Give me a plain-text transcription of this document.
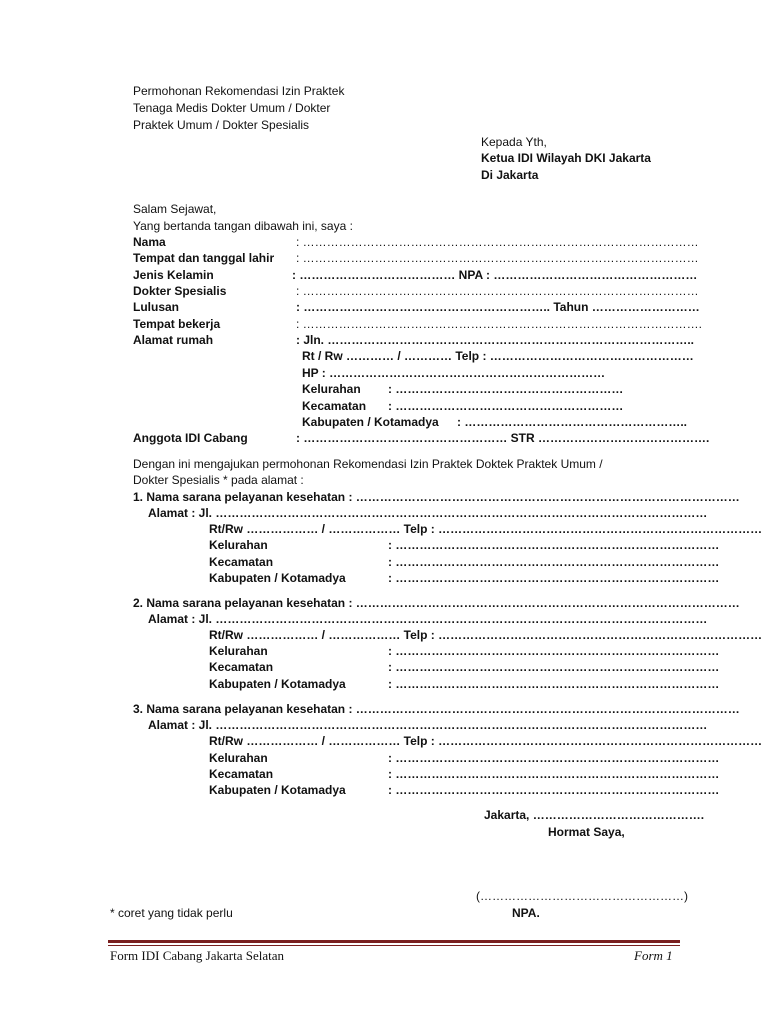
Permohonan Rekomendasi Izin Praktek
Tenaga Medis Dokter Umum / Dokter
Praktek Umum / Dokter Spesialis
Kepada Yth,
Ketua IDI Wilayah DKI Jakarta
Di Jakarta
Salam Sejawat,
Yang bertanda tangan dibawah ini, saya :
Nama	: ………………………………………………………………………………………
Tempat dan tanggal lahir : ………………………………………………………………………………………
Jenis Kelamin	: ………………………………… NPA : ……………………………………………
Dokter Spesialis	: ………………………………………………………………………………………
Lulusan	: …………………………………………………….. Tahun ………………………
Tempat bekerja	: ……………………………………………………………………………………….
Alamat rumah	: Jln. ………………………………………………………………………………..
Rt / Rw ………… / ………… Telp : ……………………………………………
HP : ……………………………………………………………
Kelurahan : …………………………………………………
Kecamatan : …………………………………………………
Kabupaten / Kotamadya : ………………………………………………..
Anggota IDI Cabang	: …………………………………………… STR …………………………………….
Dengan ini mengajukan permohonan Rekomendasi Izin Praktek Doktek Praktek Umum /
Dokter Spesialis * pada alamat :
1. Nama sarana pelayanan kesehatan : ……………………………………………………………………………………
Alamat : Jl. ……………………………………………………………………………………………………………
Rt/Rw ……………… / ……………… Telp : ………………………………………………………………………
Kelurahan	: ………………………………………………………………………
Kecamatan	: ………………………………………………………………………
Kabupaten / Kotamadya	: ………………………………………………………………………
2. Nama sarana pelayanan kesehatan : ……………………………………………………………………………………
Alamat : Jl. ……………………………………………………………………………………………………………
Rt/Rw ……………… / ……………… Telp : ………………………………………………………………………
Kelurahan	: ………………………………………………………………………
Kecamatan	: ………………………………………………………………………
Kabupaten / Kotamadya	: ………………………………………………………………………
3. Nama sarana pelayanan kesehatan : ……………………………………………………………………………………
Alamat : Jl. ……………………………………………………………………………………………………………
Rt/Rw ……………… / ……………… Telp : ………………………………………………………………………
Kelurahan	: ………………………………………………………………………
Kecamatan	: ………………………………………………………………………
Kabupaten / Kotamadya	: ………………………………………………………………………
Jakarta, …………………………………….
Hormat Saya,
(……………………………………………)
NPA.
* coret yang tidak perlu
Form IDI Cabang Jakarta Selatan	Form 1
